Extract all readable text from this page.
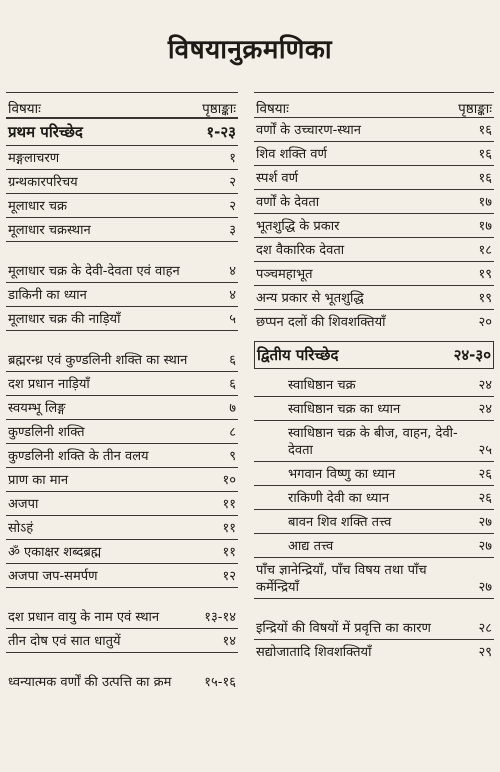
विषयानुक्रमणिका
विषयाः	पृष्ठाङ्काः
प्रथम परिच्छेद	१-२३
मङ्गलाचरण	१
ग्रन्थकारपरिचय	२
मूलाधार चक्र	२
मूलाधार चक्रस्थान	३
मूलाधार चक्र के देवी-देवता एवं वाहन	४
डाकिनी का ध्यान	४
मूलाधार चक्र की नाड़ियाँ	५
ब्रह्मरन्ध्र एवं कुण्डलिनी शक्ति का स्थान	६
दश प्रधान नाड़ियाँ	६
स्वयम्भू लिङ्ग	७
कुण्डलिनी शक्ति	८
कुण्डलिनी शक्ति के तीन वलय	९
प्राण का मान	१०
अजपा	११
सोऽहं	११
ॐ एकाक्षर शब्दब्रह्म	११
अजपा जप-समर्पण	१२
दश प्रधान वायु के नाम एवं स्थान	१३-१४
तीन दोष एवं सात धातुयें	१४
ध्वन्यात्मक वर्णों की उत्पत्ति का क्रम	१५-१६
विषयाः	पृष्ठाङ्काः
वर्णों के उच्चारण-स्थान	१६
शिव शक्ति वर्ण	१६
स्पर्श वर्ण	१६
वर्णों के देवता	१७
भूतशुद्धि के प्रकार	१७
दश वैकारिक देवता	१८
पञ्चमहाभूत	१९
अन्य प्रकार से भूतशुद्धि	१९
छप्पन दलों की शिवशक्तियाँ	२०
द्वितीय परिच्छेद	२४-३०
स्वाधिष्ठान चक्र	२४
स्वाधिष्ठान चक्र का ध्यान	२४
स्वाधिष्ठान चक्र के बीज, वाहन, देवी-देवता	२५
भगवान विष्णु का ध्यान	२६
राकिणी देवी का ध्यान	२६
बावन शिव शक्ति तत्त्व	२७
आद्य तत्त्व	२७
पाँच ज्ञानेन्द्रियाँ, पाँच विषय तथा पाँच कर्मेन्द्रियाँ	२७
इन्द्रियों की विषयों में प्रवृत्ति का कारण	२८
सद्योजातादि शिवशक्तियाँ	२९
